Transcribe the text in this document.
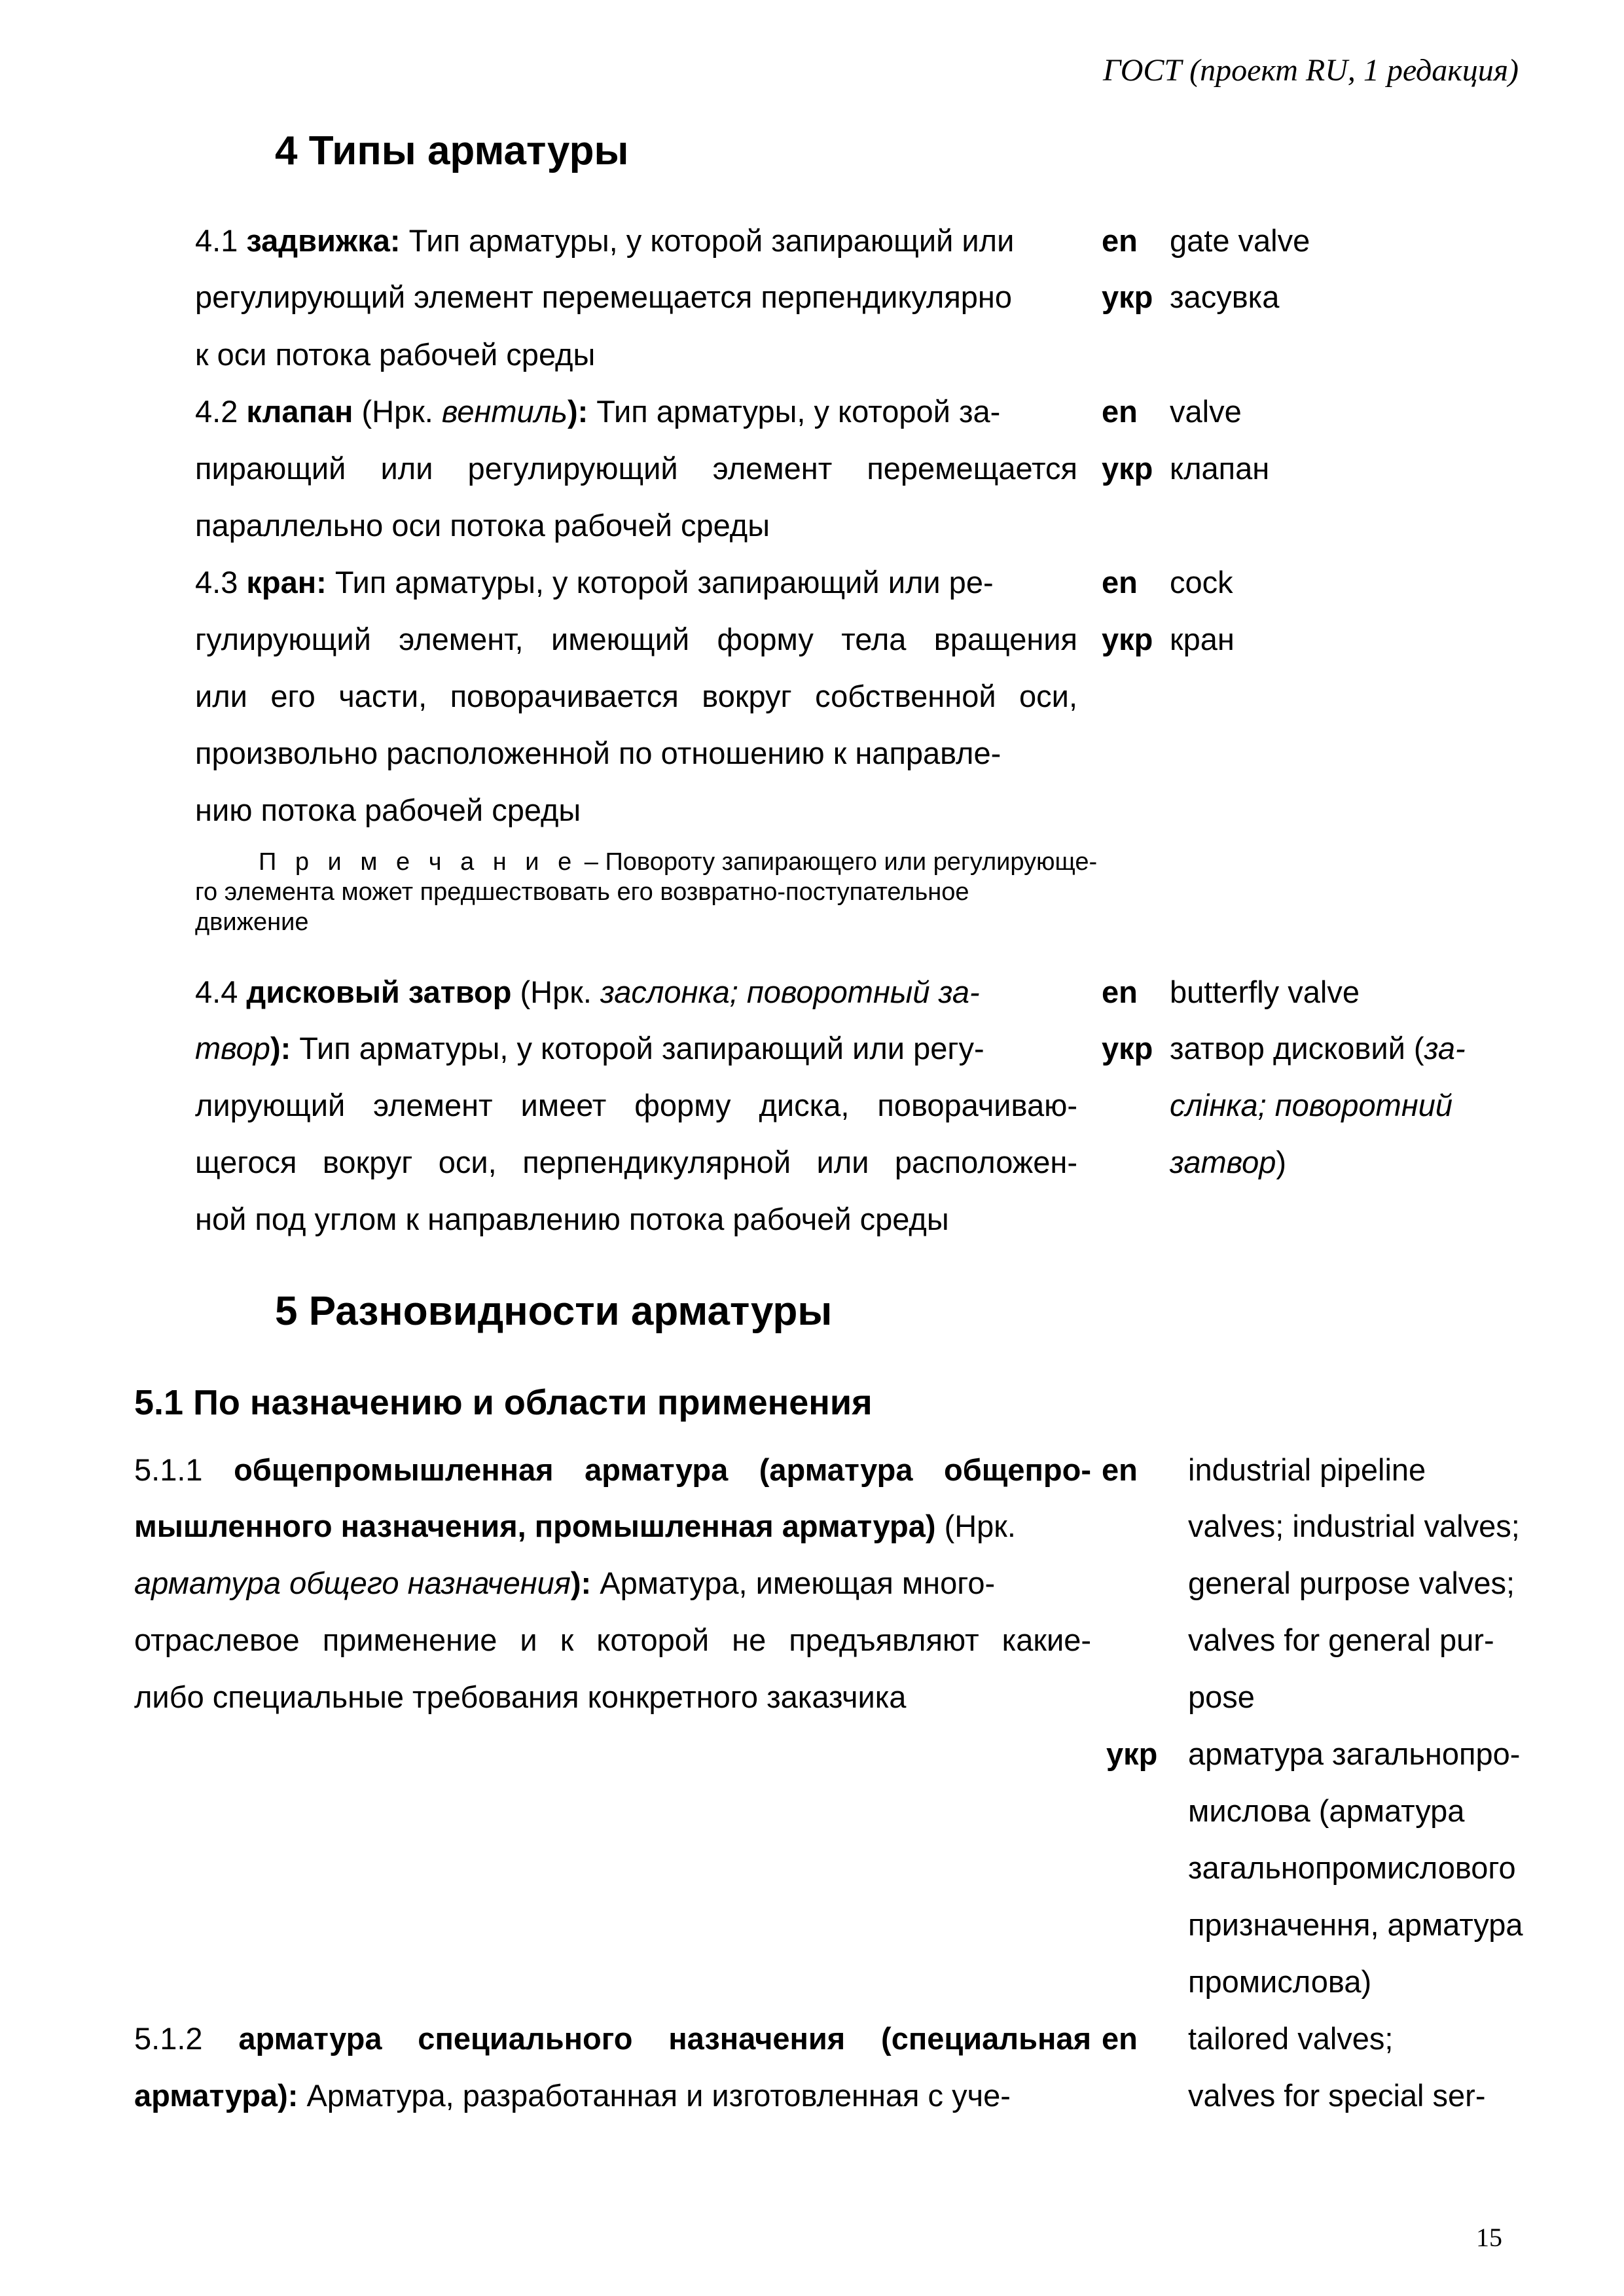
ГОСТ (проект RU, 1 редакция)
4 Типы арматуры
4.1 задвижка: Тип арматуры, у которой запирающий или
регулирующий элемент перемещается перпендикулярно
к оси потока рабочей среды
en gate valve
укр засувка
4.2 клапан (Нрк. вентиль): Тип арматуры, у которой за-
пирающий или регулирующий элемент перемещается
параллельно оси потока рабочей среды
en valve
укр клапан
4.3 кран: Тип арматуры, у которой запирающий или ре-
гулирующий элемент, имеющий форму тела вращения
или его части, поворачивается вокруг собственной оси,
произвольно расположенной по отношению к направле-
нию потока рабочей среды
П р и м е ч а н и е – Повороту запирающего или регулирующе-
го элемента может предшествовать его возвратно-поступательное
движение
en cock
укр кран
4.4 дисковый затвор (Нрк. заслонка; поворотный за-
твор): Тип арматуры, у которой запирающий или регу-
лирующий элемент имеет форму диска, поворачиваю-
щегося вокруг оси, перпендикулярной или расположен-
ной под углом к направлению потока рабочей среды
en butterfly valve
укр затвор дисковий (за-
слінка; поворотний
затвор)
5 Разновидности арматуры
5.1 По назначению и области применения
5.1.1 общепромышленная арматура (арматура общепро-
мышленного назначения, промышленная арматура) (Нрк.
арматура общего назначения): Арматура, имеющая много-
отраслевое применение и к которой не предъявляют какие-
либо специальные требования конкретного заказчика
en industrial pipeline
valves; industrial valves;
general purpose valves;
valves for general pur-
pose
укр арматура загальнопро-
мислова (арматура
загальнопромислового
призначення, арматура
промислова)
5.1.2 арматура специального назначения (специальная
арматура): Арматура, разработанная и изготовленная с уче-
en tailored valves;
valves for special ser-
15
